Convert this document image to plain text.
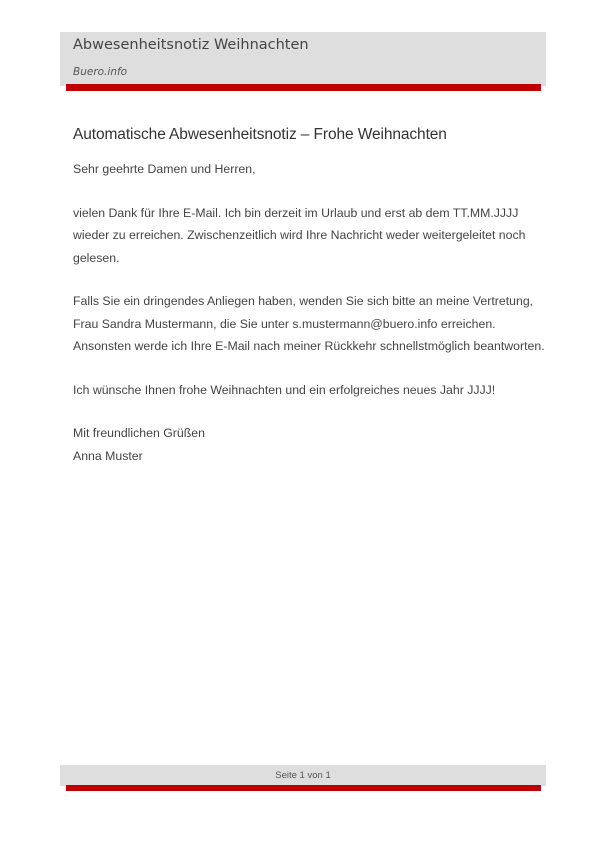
Abwesenheitsnotiz Weihnachten
Buero.info
Automatische Abwesenheitsnotiz – Frohe Weihnachten

Sehr geehrte Damen und Herren,

vielen Dank für Ihre E-Mail. Ich bin derzeit im Urlaub und erst ab dem TT.MM.JJJJ
wieder zu erreichen. Zwischenzeitlich wird Ihre Nachricht weder weitergeleitet noch
gelesen.

Falls Sie ein dringendes Anliegen haben, wenden Sie sich bitte an meine Vertretung,
Frau Sandra Mustermann, die Sie unter s.mustermann@buero.info erreichen.
Ansonsten werde ich Ihre E-Mail nach meiner Rückkehr schnellstmöglich beantworten.

Ich wünsche Ihnen frohe Weihnachten und ein erfolgreiches neues Jahr JJJJ!

Mit freundlichen Grüßen
Anna Muster

Seite 1 von 1
